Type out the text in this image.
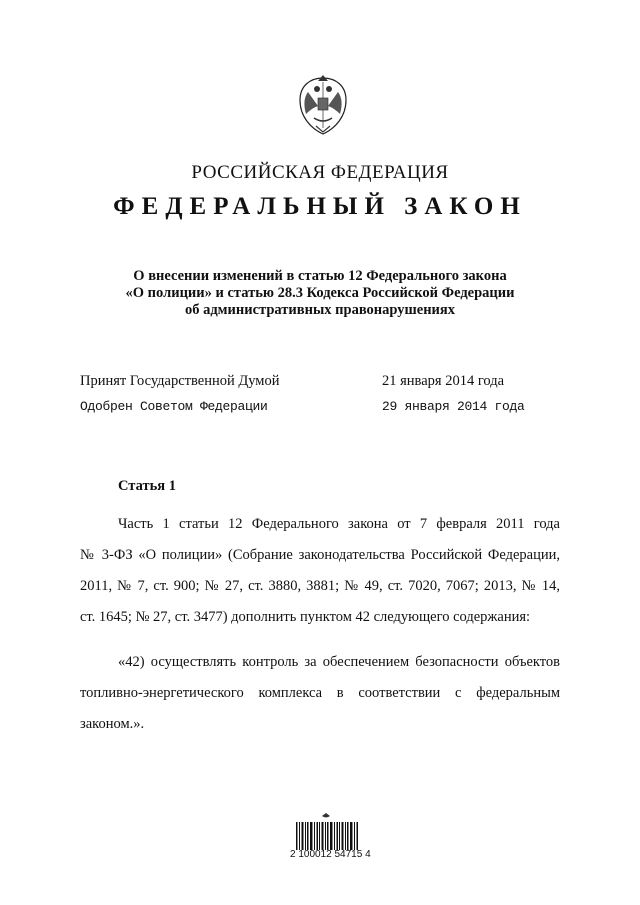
РОССИЙСКАЯ ФЕДЕРАЦИЯ
ФЕДЕРАЛЬНЫЙ ЗАКОН
О внесении изменений в статью 12 Федерального закона
«О полиции» и статью 28.3 Кодекса Российской Федерации
об административных правонарушениях
Принят Государственной Думой	21 января 2014 года
Одобрен Советом Федерации	29 января 2014 года
Статья 1
Часть 1 статьи 12 Федерального закона от 7 февраля 2011 года
№ 3-ФЗ «О полиции» (Собрание законодательства Российской Федерации,
2011, № 7, ст. 900; № 27, ст. 3880, 3881; № 49, ст. 7020, 7067; 2013, № 14,
ст. 1645; № 27, ст. 3477) дополнить пунктом 42 следующего содержания:
«42) осуществлять контроль за обеспечением безопасности объектов
топливно-энергетического комплекса в соответствии с федеральным
законом.».
2 100012 54715 4
